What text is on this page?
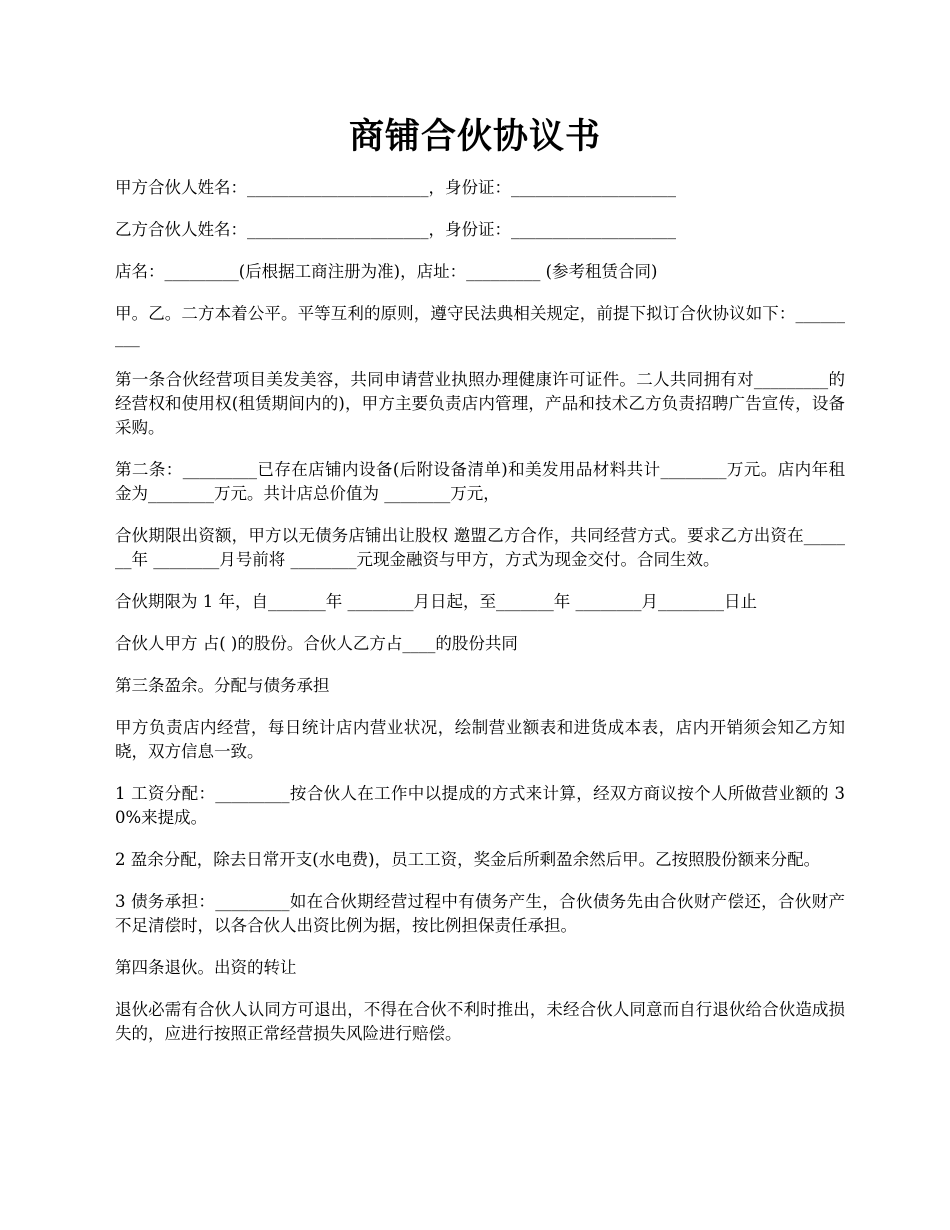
商铺合伙协议书

甲方合伙人姓名：______________________，身份证：____________________

乙方合伙人姓名：______________________，身份证：____________________

店名：_________(后根据工商注册为准)，店址：_________ (参考租赁合同)

甲。乙。二方本着公平。平等互利的原则，遵守民法典相关规定，前提下拟订合伙协议如下：_________

第一条合伙经营项目美发美容，共同申请营业执照办理健康许可证件。二人共同拥有对_________的经营权和使用权(租赁期间内的)，甲方主要负责店内管理，产品和技术乙方负责招聘广告宣传，设备采购。

第二条：_________已存在店铺内设备(后附设备清单)和美发用品材料共计________万元。店内年租金为________万元。共计店总价值为 ________万元，

合伙期限出资额，甲方以无债务店铺出让股权 邀盟乙方合作，共同经营方式。要求乙方出资在_______年 ________月号前将 ________元现金融资与甲方，方式为现金交付。合同生效。

合伙期限为 1 年，自_______年 ________月日起，至_______年 ________月________日止

合伙人甲方 占( )的股份。合伙人乙方占____的股份共同

第三条盈余。分配与债务承担

甲方负责店内经营，每日统计店内营业状况，绘制营业额表和进货成本表，店内开销须会知乙方知晓，双方信息一致。

1 工资分配：_________按合伙人在工作中以提成的方式来计算，经双方商议按个人所做营业额的 30%来提成。

2 盈余分配，除去日常开支(水电费)，员工工资，奖金后所剩盈余然后甲。乙按照股份额来分配。

3 债务承担：_________如在合伙期经营过程中有债务产生，合伙债务先由合伙财产偿还，合伙财产不足清偿时，以各合伙人出资比例为据，按比例担保责任承担。

第四条退伙。出资的转让

退伙必需有合伙人认同方可退出，不得在合伙不利时推出，未经合伙人同意而自行退伙给合伙造成损失的，应进行按照正常经营损失风险进行赔偿。
